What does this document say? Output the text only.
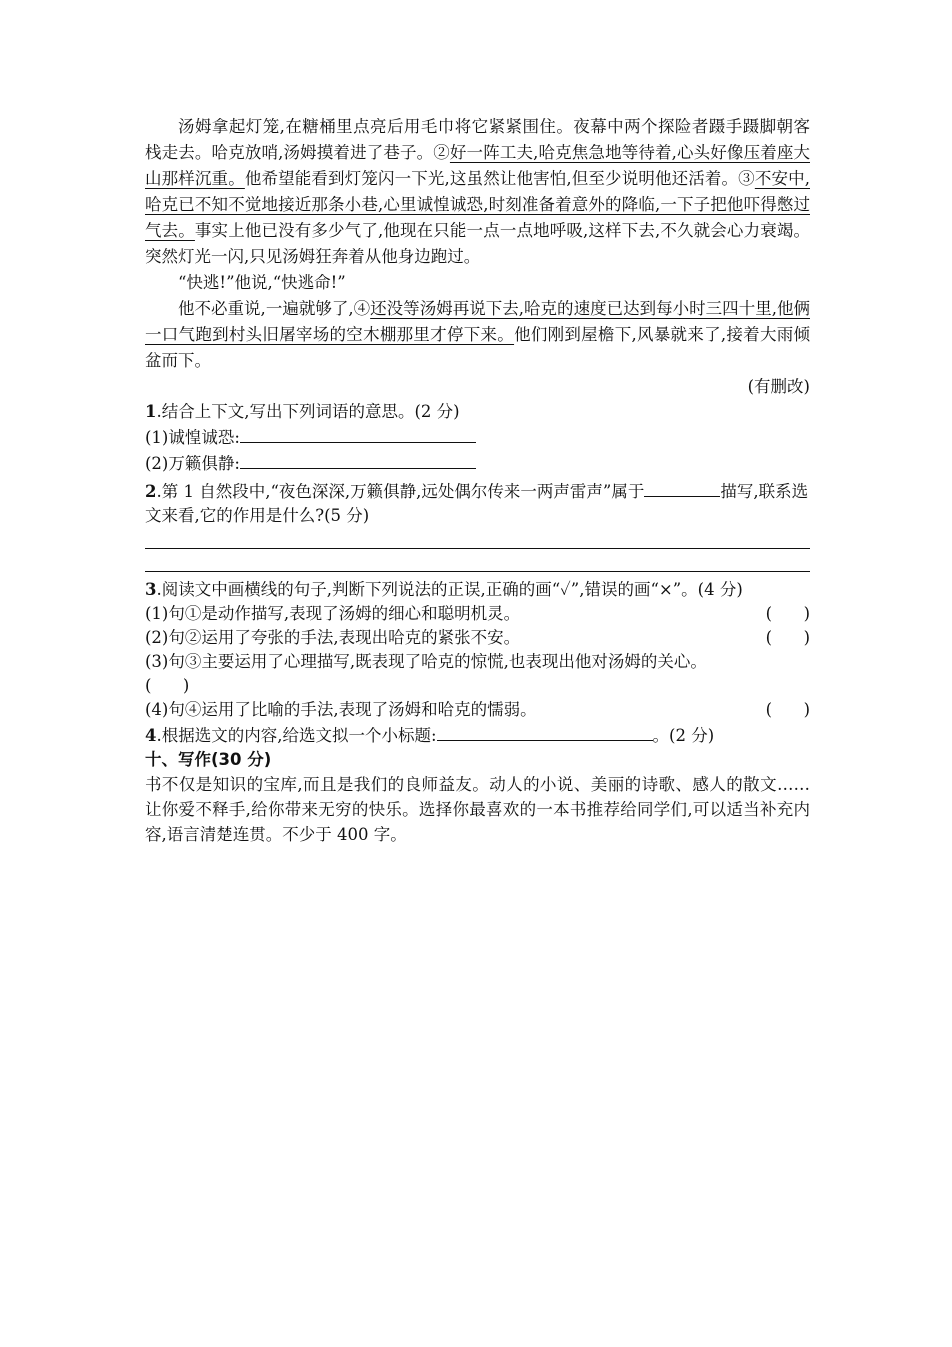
汤姆拿起灯笼,在糖桶里点亮后用毛巾将它紧紧围住。夜幕中两个探险者蹑手蹑脚朝客栈走去。哈克放哨,汤姆摸着进了巷子。②好一阵工夫,哈克焦急地等待着,心头好像压着座大山那样沉重。他希望能看到灯笼闪一下光,这虽然让他害怕,但至少说明他还活着。③不安中,哈克已不知不觉地接近那条小巷,心里诚惶诚恐,时刻准备着意外的降临,一下子把他吓得憋过气去。事实上他已没有多少气了,他现在只能一点一点地呼吸,这样下去,不久就会心力衰竭。突然灯光一闪,只见汤姆狂奔着从他身边跑过。

“快逃!”他说,“快逃命!”

他不必重说,一遍就够了,④还没等汤姆再说下去,哈克的速度已达到每小时三四十里,他俩一口气跑到村头旧屠宰场的空木棚那里才停下来。他们刚到屋檐下,风暴就来了,接着大雨倾盆而下。

(有删改)

1.结合上下文,写出下列词语的意思。(2 分)

(1)诚惶诚恐:

(2)万籁俱静:

2.第 1 自然段中,“夜色深深,万籁俱静,远处偶尔传来一两声雷声”属于	描写,联系选文来看,它的作用是什么?(5 分)

3.阅读文中画横线的句子,判断下列说法的正误,正确的画“✓”,错误的画“×”。(4 分)

(1)句①是动作描写,表现了汤姆的细心和聪明机灵。	(      )
(2)句②运用了夸张的手法,表现出哈克的紧张不安。	(      )

(3)句③主要运用了心理描写,既表现了哈克的惊慌,也表现出他对汤姆的关心。

(      )

(4)句④运用了比喻的手法,表现了汤姆和哈克的懦弱。	(      )

4.根据选文的内容,给选文拟一个小标题:	。(2 分)

十、写作(30 分)

书不仅是知识的宝库,而且是我们的良师益友。动人的小说、美丽的诗歌、感人的散文……让你爱不释手,给你带来无穷的快乐。选择你最喜欢的一本书推荐给同学们,可以适当补充内容,语言清楚连贯。不少于 400 字。
